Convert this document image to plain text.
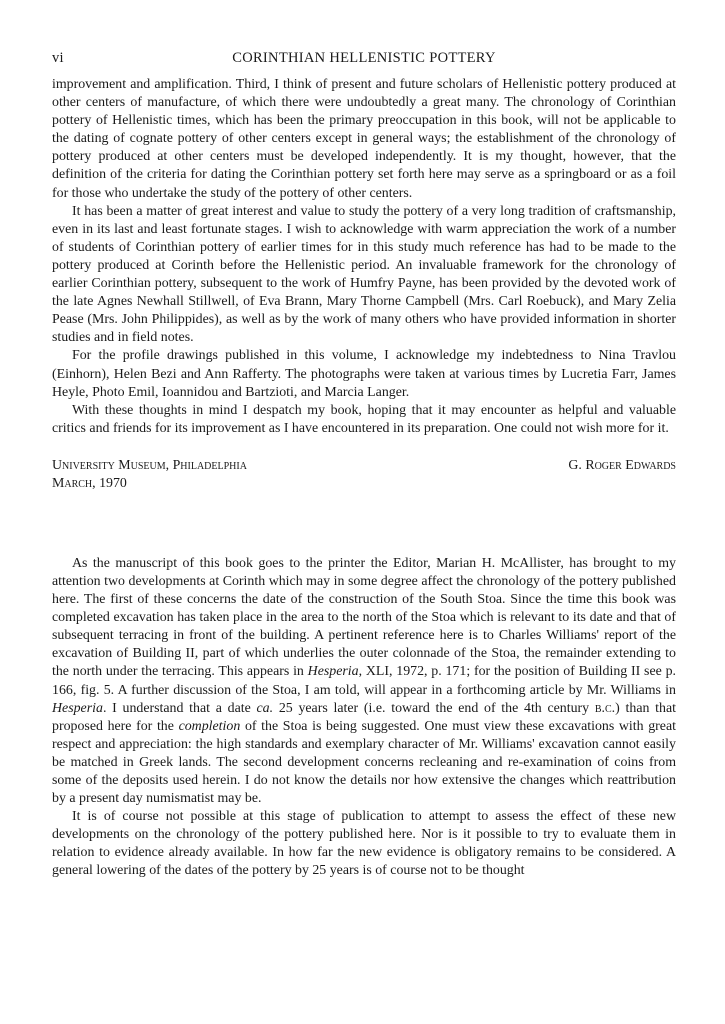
vi	CORINTHIAN HELLENISTIC POTTERY

improvement and amplification. Third, I think of present and future scholars of Hellenistic pottery produced at other centers of manufacture, of which there were undoubtedly a great many. The chronology of Corinthian pottery of Hellenistic times, which has been the primary preoccupation in this book, will not be applicable to the dating of cognate pottery of other centers except in general ways; the establishment of the chronology of pottery produced at other centers must be developed independently. It is my thought, however, that the definition of the criteria for dating the Corinthian pottery set forth here may serve as a springboard or as a foil for those who undertake the study of the pottery of other centers.

It has been a matter of great interest and value to study the pottery of a very long tradition of craftsmanship, even in its last and least fortunate stages. I wish to acknowledge with warm appreciation the work of a number of students of Corinthian pottery of earlier times for in this study much reference has had to be made to the pottery produced at Corinth before the Hellenistic period. An invaluable framework for the chronology of earlier Corinthian pottery, subsequent to the work of Humfry Payne, has been provided by the devoted work of the late Agnes Newhall Stillwell, of Eva Brann, Mary Thorne Campbell (Mrs. Carl Roebuck), and Mary Zelia Pease (Mrs. John Philippides), as well as by the work of many others who have provided information in shorter studies and in field notes.

For the profile drawings published in this volume, I acknowledge my indebtedness to Nina Travlou (Einhorn), Helen Bezi and Ann Rafferty. The photographs were taken at various times by Lucretia Farr, James Heyle, Photo Emil, Ioannidou and Bartzioti, and Marcia Langer.

With these thoughts in mind I despatch my book, hoping that it may encounter as helpful and valuable critics and friends for its improvement as I have encountered in its preparation. One could not wish more for it.

University Museum, Philadelphia
March, 1970
G. Roger Edwards

As the manuscript of this book goes to the printer the Editor, Marian H. McAllister, has brought to my attention two developments at Corinth which may in some degree affect the chronology of the pottery published here. The first of these concerns the date of the construction of the South Stoa. Since the time this book was completed excavation has taken place in the area to the north of the Stoa which is relevant to its date and that of subsequent terracing in front of the building. A pertinent reference here is to Charles Williams' report of the excavation of Building II, part of which underlies the outer colonnade of the Stoa, the remainder extending to the north under the terracing. This appears in Hesperia, XLI, 1972, p. 171; for the position of Building II see p. 166, fig. 5. A further discussion of the Stoa, I am told, will appear in a forthcoming article by Mr. Williams in Hesperia. I understand that a date ca. 25 years later (i.e. toward the end of the 4th century b.c.) than that proposed here for the completion of the Stoa is being suggested. One must view these excavations with great respect and appreciation: the high standards and exemplary character of Mr. Williams' excavation cannot easily be matched in Greek lands. The second development concerns recleaning and re-examination of coins from some of the deposits used herein. I do not know the details nor how extensive the changes which reattribution by a present day numismatist may be.

It is of course not possible at this stage of publication to attempt to assess the effect of these new developments on the chronology of the pottery published here. Nor is it possible to try to evaluate them in relation to evidence already available. In how far the new evidence is obligatory remains to be considered. A general lowering of the dates of the pottery by 25 years is of course not to be thought
